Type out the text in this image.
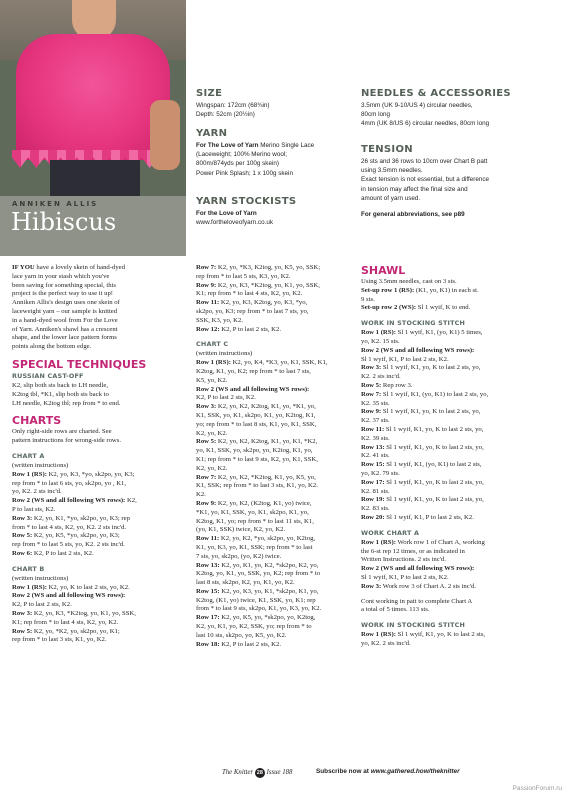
ANNIKEN ALLIS
Hibiscus
SIZE

Wingspan: 172cm (68¾in)

Depth: 52cm (20½in)

YARN

For The Love of Yarn Merino Single Lace

(Laceweight; 100% Merino wool;

800m/874yds per 100g skein)

Power Pink Splash; 1 x 100g skein

YARN STOCKISTS

For the Love of Yarn

www.fortheloveofyarn.co.uk

NEEDLES & ACCESSORIES

3.5mm (UK 9-10/US 4) circular needles,

80cm long

4mm (UK 8/US 6) circular needles, 80cm long

TENSION

26 sts and 36 rows to 10cm over Chart B patt

using 3.5mm needles.

Exact tension is not essential, but a difference

in tension may affect the final size and

amount of yarn used.

For general abbreviations, see p89

IF YOU have a lovely skein of hand-dyed

lace yarn in your stash which you've

been saving for something special, this

project is the perfect way to use it up!

Anniken Allis's design uses one skein of

laceweight yarn – our sample is knitted

in a hand-dyed wool from For the Love

of Yarn. Anniken's shawl has a crescent

shape, and the lower lace pattern forms

points along the bottom edge.

SPECIAL TECHNIQUES
RUSSIAN CAST-OFF

K2, slip both sts back to LH needle,

K2tog tbl, *K1, slip both sts back to

LH needle, K2tog tbl; rep from * to end.

CHARTS

Only right-side rows are charted. See

pattern instructions for wrong-side rows.

CHART A

(written instructions)

Row 1 (RS): K2, yo, K3, *yo, sk2po, yo, K3;

rep from * to last 6 sts, yo, sk2po, yo , K1,

yo, K2. 2 sts inc'd.

Row 2 (WS and all following WS rows): K2,

P to last sts, K2.

Row 3: K2, yo, K1, *yo, sk2po, yo, K3; rep

from * to last 4 sts, K2, yo, K2. 2 sts inc'd.

Row 5: K2, yo, K5, *yo, sk2po, yo, K3;

rep from * to last 5 sts, yo, K2. 2 sts inc'd.

Row 6: K2, P to last 2 sts, K2.

CHART B

(written instructions)

Row 1 (RS): K2, yo, K to last 2 sts, yo, K2.

Row 2 (WS and all following WS rows):

K2, P to last 2 sts, K2.

Row 3: K2, yo, K3, *K2tog, yo, K1, yo, SSK,

K1; rep from * to last 4 sts, K2, yo, K2.

Row 5: K2, yo, *K2, yo, sk2po, yo, K1;

rep from * to last 3 sts, K1, yo, K2.

Row 7: K2, yo, *K3, K2tog, yo, K5, yo, SSK;

rep from * to last 5 sts, K3, yo, K2.

Row 9: K2, yo, K3, *K2tog, yo, K1, yo, SSK,

K1; rep from * to last 4 sts, K2, yo, K2.

Row 11: K2, yo, K3, K2tog, yo, K3, *yo,

sk2po, yo, K3; rep from * to last 7 sts, yo,

SSK, K3, yo, K2.

Row 12: K2, P to last 2 sts, K2.

CHART C

(written instructions)

Row 1 (RS): K2, yo, K4, *K3, yo, K1, SSK, K1,

K2tog, K1, yo, K2; rep from * to last 7 sts,

K5, yo, K2.

Row 2 (WS and all following WS rows):

K2, P to last 2 sts, K2.

Row 3: K2, yo, K2, K2tog, K1, yo, *K1, yo,

K1, SSK, yo, K1, sk2po, K1, yo, K2tog, K1,

yo; rep from * to last 8 sts, K1, yo, K1, SSK,

K2, yo, K2.

Row 5: K2, yo, K2, K2tog, K1, yo, K1, *K2,

yo, K1, SSK, yo, sk2po, yo, K2tog, K1, yo,

K1; rep from * to last 9 sts, K2, yo, K1, SSK,

K2, yo, K2.

Row 7: K2, yo, K2, *K2tog, K1, yo, K5, yo,

K1, SSK; rep from * to last 3 sts, K1, yo, K2.

K2.

Row 9: K2, yo, K2, (K2tog, K1, yo) twice,

*K1, yo, K1, SSK, yo, K1, sk2po, K1, yo,

K2tog, K1, yo; rep from * to last 11 sts, K1,

(yo, K1, SSK) twice, K2, yo, K2.

Row 11: K2, yo, K2, *yo, sk2po, yo, K2tog,

K1, yo, K3, yo, K1, SSK; rep from * to last

7 sts, yo, sk2po, (yo, K2) twice.

Row 13: K2, yo, K1, yo, K2, *sk2po, K2, yo,

K2tog, yo, K1, yo, SSK, yo, K2; rep from * to

last 8 sts, sk2po, K2, yo, K1, yo, K2.

Row 15: K2, yo, K3, yo, K1, *sk2po, K1, yo,

K2tog, (K1, yo) twice, K1, SSK, yo, K1; rep

from * to last 9 sts, sk2po, K1, yo, K3, yo, K2.

Row 17: K2, yo, K5, yo, *sk2po, yo, K2tog,

K2, yo, K1, yo, K2, SSK, yo; rep from * to

last 10 sts, sk2po, yo, K5, yo, K2.

Row 18: K2, P to last 2 sts, K2.

SHAWL

Using 3.5mm needles, cast on 3 sts.

Set-up row 1 (RS): (K1, yo, K1) in each st.

9 sts.

Set-up row 2 (WS): Sl 1 wyif, K to end.

WORK IN STOCKING STITCH

Row 1 (RS): Sl 1 wyif, K1, (yo, K1) 5 times,

yo, K2. 15 sts.

Row 2 (WS and all following WS rows):

Sl 1 wyif, K1, P to last 2 sts, K2.

Row 3: Sl 1 wyif, K1, yo, K to last 2 sts, yo,

K2. 2 sts inc'd.

Row 5: Rep row 3.

Row 7: Sl 1 wyif, K1, (yo, K1) to last 2 sts, yo,

K2. 35 sts.

Row 9: Sl 1 wyif, K1, yo, K to last 2 sts, yo,

K2. 37 sts.

Row 11: Sl 1 wyif, K1, yo, K to last 2 sts, yo,

K2. 39 sts.

Row 13: Sl 1 wyif, K1, yo, K to last 2 sts, yo,

K2. 41 sts.

Row 15: Sl 1 wyif, K1, (yo, K1) to last 2 sts,

yo, K2. 79 sts.

Row 17: Sl 1 wyif, K1, yo, K to last 2 sts, yo,

K2. 81 sts.

Row 19: Sl 1 wyif, K1, yo, K to last 2 sts, yo,

K2. 83 sts.

Row 20: Sl 1 wyif, K1, P to last 2 sts, K2.

WORK CHART A

Row 1 (RS): Work row 1 of Chart A, working

the 6-st rep 12 times, or as indicated in

Written Instructions. 2 sts inc'd.

Row 2 (WS and all following WS rows):

Sl 1 wyif, K1, P to last 2 sts, K2.

Row 3: Work row 3 of Chart A. 2 sts inc'd.

Cont working in patt to complete Chart A

a total of 5 times. 113 sts.

WORK IN STOCKING STITCH

Row 1 (RS): Sl 1 wyif, K1, yo, K to last 2 sts,

yo, K2. 2 sts inc'd.

The Knitter 28 Issue 188	Subscribe now at www.gathered.how/theknitter
PassionForum.ru
